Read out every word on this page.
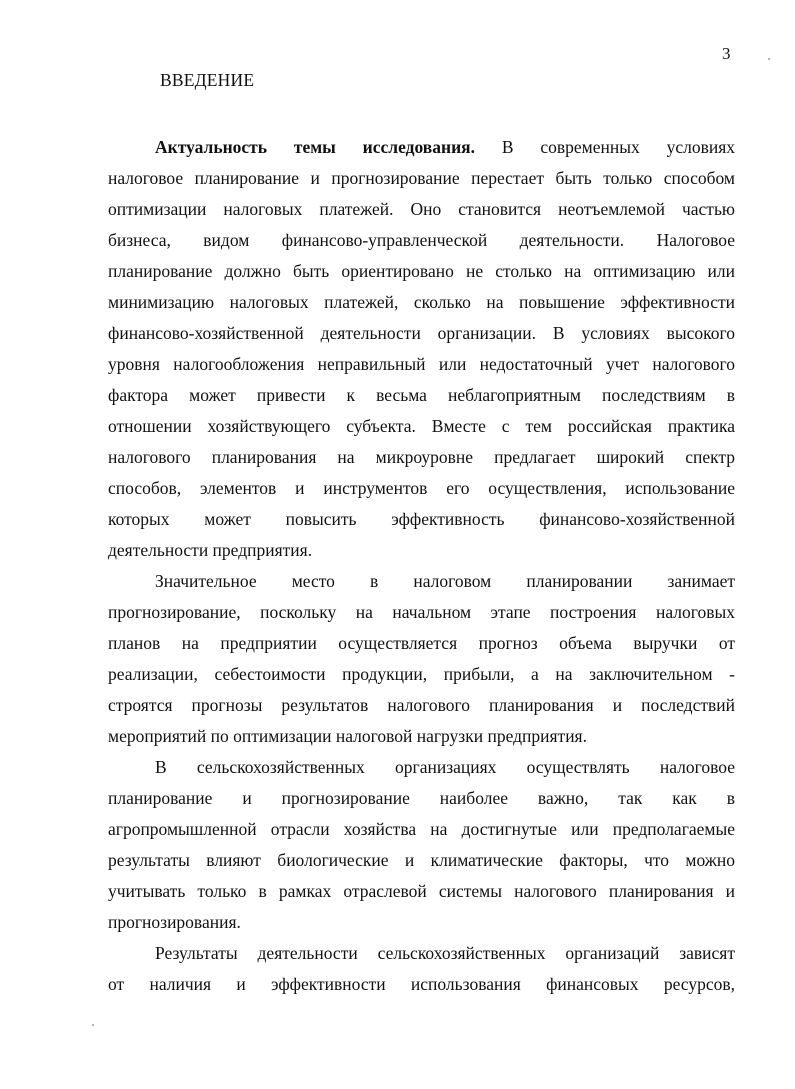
3
ВВЕДЕНИЕ
Актуальность темы исследования. В современных условиях
налоговое планирование и прогнозирование перестает быть только способом
оптимизации налоговых платежей. Оно становится неотъемлемой частью
бизнеса, видом финансово-управленческой деятельности. Налоговое
планирование должно быть ориентировано не столько на оптимизацию или
минимизацию налоговых платежей, сколько на повышение эффективности
финансово-хозяйственной деятельности организации. В условиях высокого
уровня налогообложения неправильный или недостаточный учет налогового
фактора может привести к весьма неблагоприятным последствиям в
отношении хозяйствующего субъекта. Вместе с тем российская практика
налогового планирования на микроуровне предлагает широкий спектр
способов, элементов и инструментов его осуществления, использование
которых может повысить эффективность финансово-хозяйственной
деятельности предприятия.
Значительное место в налоговом планировании занимает
прогнозирование, поскольку на начальном этапе построения налоговых
планов на предприятии осуществляется прогноз объема выручки от
реализации, себестоимости продукции, прибыли, а на заключительном -
строятся прогнозы результатов налогового планирования и последствий
мероприятий по оптимизации налоговой нагрузки предприятия.
В сельскохозяйственных организациях осуществлять налоговое
планирование и прогнозирование наиболее важно, так как в
агропромышленной отрасли хозяйства на достигнутые или предполагаемые
результаты влияют биологические и климатические факторы, что можно
учитывать только в рамках отраслевой системы налогового планирования и
прогнозирования.
Результаты деятельности сельскохозяйственных организаций зависят
от наличия и эффективности использования финансовых ресурсов,
